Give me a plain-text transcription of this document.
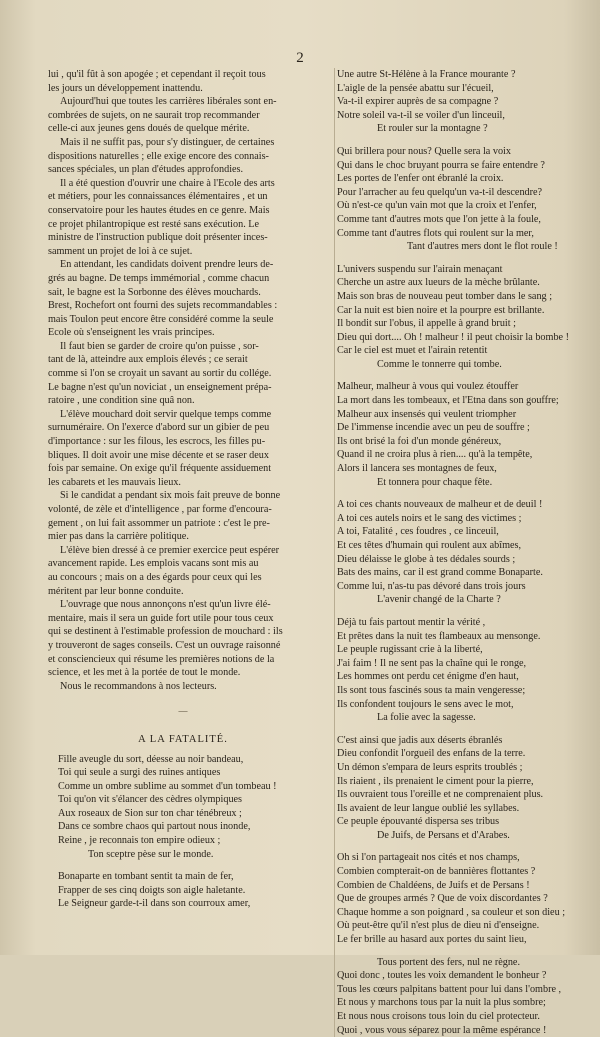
2
lui , qu'il fût à son apogée ; et cependant il reçoit tous
les jours un développement inattendu.
Aujourd'hui que toutes les carrières libérales sont en-
combrées de sujets, on ne saurait trop recommander
celle-ci aux jeunes gens doués de quelque mérite.
Mais il ne suffit pas, pour s'y distinguer, de certaines
dispositions naturelles ; elle exige encore des connais-
sances spéciales, un plan d'études approfondies.
Il a été question d'ouvrir une chaire à l'Ecole des arts
et métiers, pour les connaissances élémentaires , et un
conservatoire pour les hautes études en ce genre. Mais
ce projet philantropique est resté sans exécution. Le
ministre de l'instruction publique doit présenter inces-
samment un projet de loi à ce sujet.
En attendant, les candidats doivent prendre leurs de-
grés au bagne. De temps immémorial , comme chacun
sait, le bagne est la Sorbonne des élèves mouchards.
Brest, Rochefort ont fourni des sujets recommandables :
mais Toulon peut encore être considéré comme la seule
Ecole où s'enseignent les vrais principes.
Il faut bien se garder de croire qu'on puisse , sor-
tant de là, atteindre aux emplois élevés ; ce serait
comme si l'on se croyait un savant au sortir du collége.
Le bagne n'est qu'un noviciat , un enseignement prépa-
ratoire , une condition sine quâ non.
L'élève mouchard doit servir quelque temps comme
surnuméraire. On l'exerce d'abord sur un gibier de peu
d'importance : sur les filous, les escrocs, les filles pu-
bliques. Il doit avoir une mise décente et se raser deux
fois par semaine. On exige qu'il fréquente assiduement
les cabarets et les mauvais lieux.
Si le candidat a pendant six mois fait preuve de bonne
volonté, de zèle et d'intelligence , par forme d'encoura-
gement , on lui fait assommer un patriote : c'est le pre-
mier pas dans la carrière politique.
L'élève bien dressé à ce premier exercice peut espérer
avancement rapide. Les emplois vacans sont mis au
au concours ; mais on a des égards pour ceux qui les
méritent par leur bonne conduite.
L'ouvrage que nous annonçons n'est qu'un livre élé-
mentaire, mais il sera un guide fort utile pour tous ceux
qui se destinent à l'estimable profession de mouchard : ils
y trouveront de sages conseils. C'est un ouvrage raisonné
et consciencieux qui résume les premières notions de la
science, et les met à la portée de tout le monde.
Nous le recommandons à nos lecteurs.
—
A LA FATALITÉ.
Fille aveugle du sort, déesse au noir bandeau,
Toi qui seule a surgi des ruines antiques
Comme un ombre sublime au sommet d'un tombeau !
Toi qu'on vit s'élancer des cèdres olympiques
Aux roseaux de Sion sur ton char ténébreux ;
Dans ce sombre chaos qui partout nous inonde,
Reine , je reconnais ton empire odieux ;
Ton sceptre pèse sur le monde.
Bonaparte en tombant sentit ta main de fer,
Frapper de ses cinq doigts son aigle haletante.
Le Seigneur garde-t-il dans son courroux amer,
Une autre St-Hélène à la France mourante ?
L'aigle de la pensée abattu sur l'écueil,
Va-t-il expirer auprès de sa compagne ?
Notre soleil va-t-il se voiler d'un linceuil,
Et rouler sur la montagne ?
Qui brillera pour nous? Quelle sera la voix
Qui dans le choc bruyant pourra se faire entendre ?
Les portes de l'enfer ont ébranlé la croix.
Pour l'arracher au feu quelqu'un va-t-il descendre?
Où n'est-ce qu'un vain mot que la croix et l'enfer,
Comme tant d'autres mots que l'on jette à la foule,
Comme tant d'autres flots qui roulent sur la mer,
Tant d'autres mers dont le flot roule !
L'univers suspendu sur l'airain menaçant
Cherche un astre aux lueurs de la mèche brûlante.
Mais son bras de nouveau peut tomber dans le sang ;
Car la nuit est bien noire et la pourpre est brillante.
Il bondit sur l'obus, il appelle à grand bruit ;
Dieu qui dort.... Oh ! malheur ! il peut choisir la bombe !
Car le ciel est muet et l'airain retentit
Comme le tonnerre qui tombe.
Malheur, malheur à vous qui voulez étouffer
La mort dans les tombeaux, et l'Etna dans son gouffre;
Malheur aux insensés qui veulent triompher
De l'immense incendie avec un peu de souffre ;
Ils ont brisé la foi d'un monde généreux,
Quand il ne croira plus à rien.... qu'à la tempête,
Alors il lancera ses montagnes de feux,
Et tonnera pour chaque fête.
A toi ces chants nouveaux de malheur et de deuil !
A toi ces autels noirs et le sang des victimes ;
A toi, Fatalité , ces foudres , ce linceuil,
Et ces têtes d'humain qui roulent aux abîmes,
Dieu délaisse le globe à tes dédales sourds ;
Bats des mains, car il est grand comme Bonaparte.
Comme lui, n'as-tu pas dévoré dans trois jours
L'avenir changé de la Charte ?
Déjà tu fais partout mentir la vérité ,
Et prêtes dans la nuit tes flambeaux au mensonge.
Le peuple rugissant crie à la liberté,
J'ai faim ! Il ne sent pas la chaîne qui le ronge,
Les hommes ont perdu cet énigme d'en haut,
Ils sont tous fascinés sous ta main vengeresse;
Ils confondent toujours le sens avec le mot,
La folie avec la sagesse.
C'est ainsi que jadis aux déserts ébranlés
Dieu confondit l'orgueil des enfans de la terre.
Un démon s'empara de leurs esprits troublés ;
Ils riaient , ils prenaient le ciment pour la pierre,
Ils ouvraient tous l'oreille et ne comprenaient plus.
Ils avaient de leur langue oublié les syllabes.
Ce peuple épouvanté dispersa ses tribus
De Juifs, de Persans et d'Arabes.
Oh si l'on partageait nos cités et nos champs,
Combien compterait-on de bannières flottantes ?
Combien de Chaldéens, de Juifs et de Persans !
Que de groupes armés ? Que de voix discordantes ?
Chaque homme a son poignard , sa couleur et son dieu ;
Où peut-être qu'il n'est plus de dieu ni d'enseigne.
Le fer brille au hasard aux portes du saint lieu,
Tous portent des fers, nul ne règne.
Quoi donc , toutes les voix demandent le bonheur ?
Tous les cœurs palpitans battent pour lui dans l'ombre ,
Et nous y marchons tous par la nuit la plus sombre;
Et nous nous croisons tous loin du ciel protecteur.
Quoi , vous vous séparez pour la même espérance !
